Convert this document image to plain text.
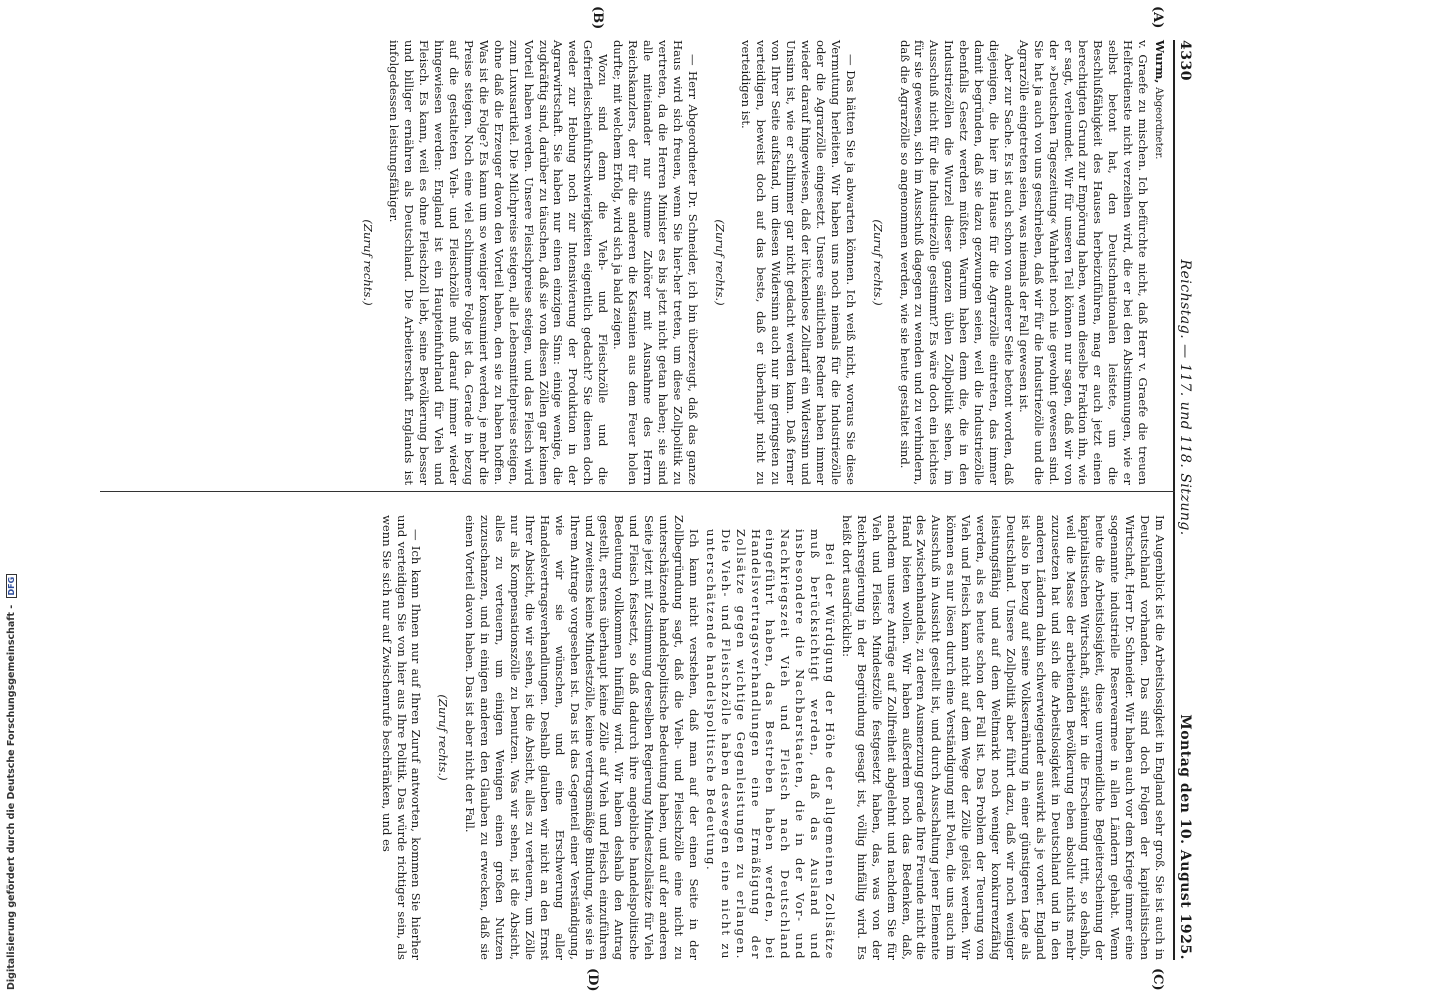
4330
Reichstag. — 117. und 118. Sitzung.
Montag den 10. August 1925.
(A)
(B)
(C)
(D)

Wurm, Abgeordneter.

v. Graefe zu mischen. Ich befürchte nicht, daß Herr v. Graefe die treuen Helferdienste nicht verzeihen wird, die er bei den Abstimmungen, wie er selbst betont hat, den Deutschnationalen leistete, um die Beschlußfähigkeit des Hauses herbeizuführen, mag er auch jetzt einen berechtigten Grund zur Empörung haben, wenn dieselbe Fraktion ihn, wie er sagt, verleumdet. Wir für unseren Teil können nur sagen, daß wir von der »Deutschen Tageszeitung« Wahrheit noch nie gewohnt gewesen sind. Sie hat ja auch von uns geschrieben, daß wir für die Industriezölle und die Agrarzölle eingetreten seien, was niemals der Fall gewesen ist.

Aber zur Sache. Es ist auch schon von anderer Seite betont worden, daß diejenigen, die hier im Hause für die Agrarzölle eintreten, das immer damit begründen, daß sie dazu gezwungen seien, weil die Industriezölle ebenfalls Gesetz werden müßten. Warum haben denn die, die in den Industriezöllen die Wurzel dieser ganzen üblen Zollpolitik sehen, im Ausschuß nicht für die Industriezölle gestimmt? Es wäre doch ein leichtes für sie gewesen, sich im Ausschuß dagegen zu wenden und zu verhindern, daß die Agrarzölle so angenommen werden, wie sie heute gestaltet sind.

(Zuruf rechts.)

— Das hätten Sie ja abwarten können. Ich weiß nicht, woraus Sie diese Vermutung herleiten. Wir haben uns noch niemals für die Industriezölle oder die Agrarzölle eingesetzt. Unsere sämtlichen Redner haben immer wieder darauf hingewiesen, daß der lückenlose Zolltarif ein Widersinn und Unsinn ist, wie er schlimmer gar nicht gedacht werden kann. Daß ferner von Ihrer Seite aufstand, um diesen Widersinn auch nur im geringsten zu verteidigen, beweist doch auf das beste, daß er überhaupt nicht zu verteidigen ist.

(Zuruf rechts.)

— Herr Abgeordneter Dr. Schneider, ich bin überzeugt, daß das ganze Haus wird sich freuen, wenn Sie hier-her treten, um diese Zollpolitik zu vertreten, da die Herren Minister es bis jetzt nicht getan haben; sie sind alle miteinander nur stumme Zuhörer mit Ausnahme des Herrn Reichskanzlers, der für die anderen die Kastanien aus dem Feuer holen durfte; mit welchem Erfolg, wird sich ja bald zeigen.

Wozu sind denn die Vieh- und Fleischzölle und die Gefrierfleischeinfuhrschwierigkeiten eigentlich gedacht? Sie dienen doch weder zur Hebung noch zur Intensivierung der Produktion in der Agrarwirtschaft. Sie haben nur einen einzigen Sinn: einige wenige, die zugkräftig sind, darüber zu täuschen, daß sie von diesen Zöllen gar keinen Vorteil haben werden. Unsere Fleischpreise steigen, und das Fleisch wird zum Luxusartikel. Die Milchpreise steigen, alle Lebensmittelpreise steigen, ohne daß die Erzeuger davon den Vorteil haben, den sie zu haben hoffen. Was ist die Folge? Es kann um so weniger konsumiert werden, je mehr die Preise steigen. Noch eine viel schlimmere Folge ist da. Gerade in bezug auf die gestalteten Vieh- und Fleischzölle muß darauf immer wieder hingewiesen werden: England ist ein Haupteinfuhrland für Vieh und Fleisch. Es kann, weil es ohne Fleischzoll lebt, seine Bevölkerung besser und billiger ernähren als Deutschland. Die Arbeiterschaft Englands ist infolgedessen leistungsfähiger.

(Zuruf rechts.)

Im Augenblick ist die Arbeitslosigkeit in England sehr groß. Sie ist auch in Deutschland vorhanden. Das sind doch Folgen der kapitalistischen Wirtschaft, Herr Dr. Schneider. Wir haben auch vor dem Kriege immer eine sogenannte industrielle Reservearmee in allen Ländern gehabt. Wenn heute die Arbeitslosigkeit, diese unvermeidliche Begleiterscheinung der kapitalistischen Wirtschaft, stärker in die Erscheinung tritt, so deshalb, weil die Masse der arbeitenden Bevölkerung eben absolut nichts mehr zuzusetzen hat und sich die Arbeitslosigkeit in Deutschland und in den anderen Ländern dahin schwerwiegender auswirkt als je vorher. England ist also in bezug auf seine Volksernährung in einer günstigeren Lage als Deutschland. Unsere Zollpolitik aber führt dazu, daß wir noch weniger leistungsfähig und auf dem Weltmarkt noch weniger konkurrenzfähig werden, als es heute schon der Fall ist. Das Problem der Teuerung von Vieh und Fleisch kann nicht auf dem Wege der Zölle gelöst werden. Wir können es nur lösen durch eine Verständigung mit Polen, die uns auch im Ausschuß in Aussicht gestellt ist, und durch Ausschaltung jener Elemente des Zwischenhandels, zu deren Ausmerzung gerade Ihre Freunde nicht die Hand bieten wollen. Wir haben außerdem noch das Bedenken, daß, nachdem unsere Anträge auf Zollfreiheit abgelehnt und nachdem Sie für Vieh und Fleisch Mindestzölle festgesetzt haben, das, was von der Reichsregierung in der Begründung gesagt ist, völlig hinfällig wird. Es heißt dort ausdrücklich:

Bei der Würdigung der Höhe der allgemeinen Zollsätze muß berücksichtigt werden, daß das Ausland und insbesondere die Nachbarstaaten, die in der Vor- und Nachkriegszeit Vieh und Fleisch nach Deutschland eingeführt haben, das Bestreben haben werden, bei Handelsvertragsverhandlungen eine Ermäßigung der Zollsätze gegen wichtige Gegenleistungen zu erlangen. Die Vieh- und Fleischzölle haben deswegen eine nicht zu unterschätzende handelspolitische Bedeutung.

Ich kann nicht verstehen, daß man auf der einen Seite in der Zollbegründung sagt, daß die Vieh- und Fleischzölle eine nicht zu unterschätzende handelspolitische Bedeutung haben, und auf der anderen Seite jetzt mit Zustimmung derselben Regierung Mindestzollsätze für Vieh und Fleisch festsetzt, so daß dadurch ihre angebliche handelspolitische Bedeutung vollkommen hinfällig wird. Wir haben deshalb den Antrag gestellt, erstens überhaupt keine Zölle auf Vieh und Fleisch einzuführen und zweitens keine Mindestzölle, keine vertragsmäßige Bindung, wie sie in Ihrem Antrage vorgesehen ist. Das ist das Gegenteil einer Verständigung, wie wir sie wünschen, und eine Erschwerung aller Handelsvertragsverhandlungen. Deshalb glauben wir nicht an den Ernst Ihrer Absicht, die wir sehen, ist die Absicht, alles zu verteuern, um Zölle nur als Kompensationszölle zu benutzen. Was wir sehen, ist die Absicht, alles zu verteuern, um einigen Wenigen einen großen Nutzen zuzuschanzen, und in einigen anderen den Glauben zu erwecken, daß sie einen Vorteil davon haben. Das ist aber nicht der Fall.

(Zuruf rechts.)

— Ich kann Ihnen nur auf Ihren Zuruf antworten, kommen Sie hierher und verteidigen Sie von hier aus Ihre Politik. Das würde richtiger sein, als wenn Sie sich nur auf Zwischenrufe beschränken, und es

Digitalisierung gefördert durch die Deutsche Forschungsgemeinschaft - DFG
